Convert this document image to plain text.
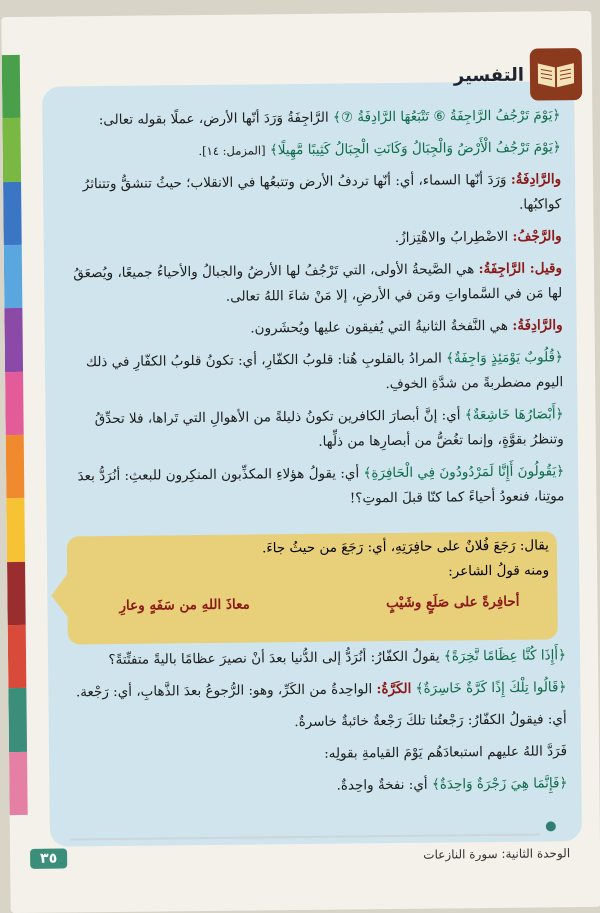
التفسير

﴿يَوْمَ تَرْجُفُ الرَّاجِفَةُ ⑥ تَتْبَعُهَا الرَّادِفَةُ ⑦﴾ الرَّاجِفَةُ وَرَدَ أنّها الأرض، عملًا بقوله تعالى:

﴿يَوْمَ تَرْجُفُ الْأَرْضُ وَالْجِبَالُ وَكَانَتِ الْجِبَالُ كَثِيبًا مَّهِيلًا﴾ [المزمل: ١٤].

والرَّادِفَةُ: وَرَدَ أنّها السماء، أي: أنّها تردفُ الأرض وتتبعُها في الانقلاب؛ حيثُ تنشقُّ وتتناثرُ كواكبُها.

والرَّجْفُ: الاضْطِرابُ والاهْتِزازُ.

وقيل: الرَّاجِفَةُ: هي الصَّيحةُ الأولى، التي تَرْجُفُ لها الأرضُ والجبالُ والأحياءُ جميعًا، ويُصعَقُ لها مَن في السَّماواتِ ومَن في الأرضِ، إلا مَنْ شاءَ اللهُ تعالى.

والرَّادِفَةُ: هي النَّفخةُ الثانيةُ التي يُفيقون عليها ويُحشَرون.

﴿قُلُوبٌ يَوْمَئِذٍ وَاجِفَةٌ﴾ المرادُ بالقلوبِ هُنا: قلوبُ الكفّارِ، أي: تكونُ قلوبُ الكفّارِ في ذلك اليوم مضطربةً من شدَّةِ الخوفِ.

﴿أَبْصَارُهَا خَاشِعَةٌ﴾ أي: إنَّ أبصارَ الكافرين تكونُ ذليلةً من الأهوالِ التي تَراها، فلا تحدِّقُ وتنظرُ بقوَّةٍ، وإنما تغُضُّ من أبصارِها من ذلِّها.

﴿يَقُولُونَ أَإِنَّا لَمَرْدُودُونَ فِي الْحَافِرَةِ﴾ أي: يقولُ هؤلاءِ المكذِّبون المنكِرون للبعثِ: أنُرَدُّ بعدَ موتِنا، فنعودُ أحياءً كما كنّا قبلَ الموتِ؟!

يقال: رَجَعَ فُلانٌ على حافِرَتِهِ، أي: رَجَعَ من حيثُ جاءَ.
ومنه قولُ الشاعر:
أحافِرةً على صَلَعٍ وشَيْبٍ
معاذَ اللهِ من سَفَهٍ وعارِ

﴿أَإِذَا كُنَّا عِظَامًا نَّخِرَةً﴾ يقولُ الكفّارُ: أنُرَدُّ إلى الدُّنيا بعدَ أنْ نصيرَ عظامًا باليةً متفتِّتةً؟

﴿قَالُوا تِلْكَ إِذًا كَرَّةٌ خَاسِرَةٌ﴾ الكَرَّةُ: الواحِدةُ من الكَرِّ، وهو: الرُّجوعُ بعدَ الذَّهابِ، أي: رَجْعة.

أي: فيقولُ الكفّارُ: رَجْعتُنا تلكَ رَجْعةٌ خائبةٌ خاسرةٌ.

فَرَدَّ اللهُ عليهم استبعادَهُم يَوْمَ القيامةِ بقولِه:

﴿فَإِنَّمَا هِيَ زَجْرَةٌ وَاحِدَةٌ﴾ أي: نفخةٌ واحِدةٌ.

الوحدة الثانية: سورة النازعات
٣٥
